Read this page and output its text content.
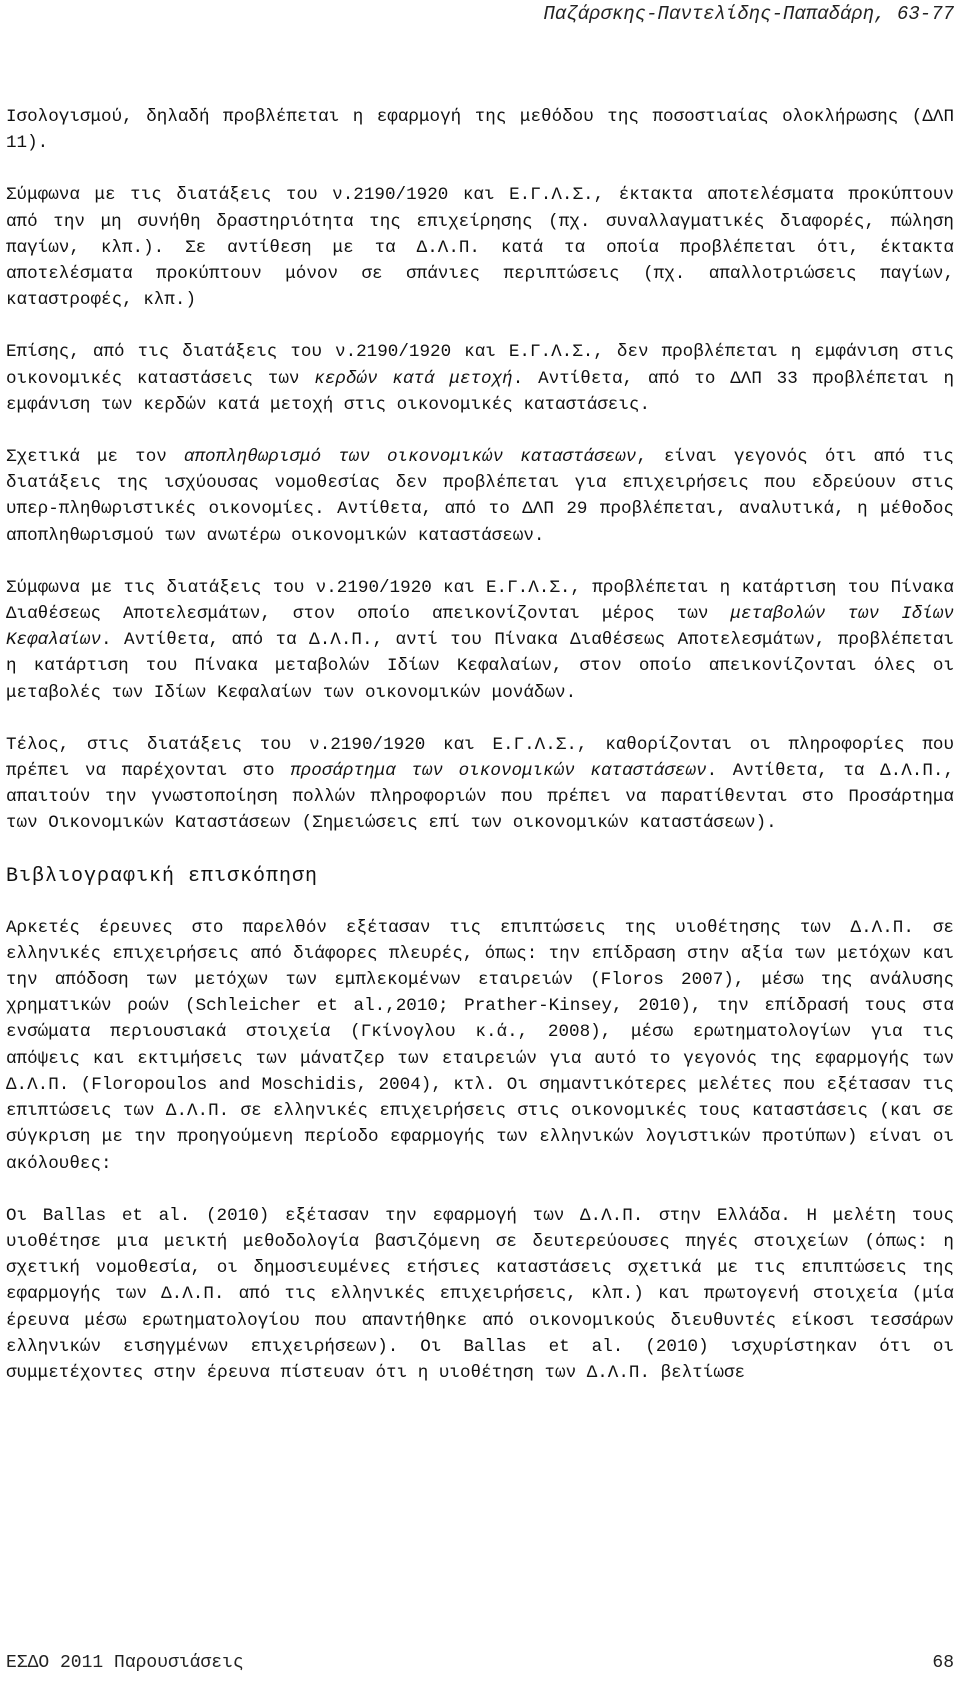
Παζάρσκης-Παντελίδης-Παπαδάρη, 63-77

Ισολογισμού, δηλαδή προβλέπεται η εφαρμογή της μεθόδου της ποσοστιαίας ολοκλήρωσης (ΔΛΠ 11).

Σύμφωνα με τις διατάξεις του ν.2190/1920 και Ε.Γ.Λ.Σ., έκτακτα αποτελέσματα προκύπτουν από την μη συνήθη δραστηριότητα της επιχείρησης (πχ. συναλλαγματικές διαφορές, πώληση παγίων, κλπ.). Σε αντίθεση με τα Δ.Λ.Π. κατά τα οποία προβλέπεται ότι, έκτακτα αποτελέσματα προκύπτουν μόνον σε σπάνιες περιπτώσεις (πχ. απαλλοτριώσεις παγίων, καταστροφές, κλπ.)

Επίσης, από τις διατάξεις του ν.2190/1920 και Ε.Γ.Λ.Σ., δεν προβλέπεται η εμφάνιση στις οικονομικές καταστάσεις των κερδών κατά μετοχή. Αντίθετα, από το ΔΛΠ 33 προβλέπεται η εμφάνιση των κερδών κατά μετοχή στις οικονομικές καταστάσεις.

Σχετικά με τον αποπληθωρισμό των οικονομικών καταστάσεων, είναι γεγονός ότι από τις διατάξεις της ισχύουσας νομοθεσίας δεν προβλέπεται για επιχειρήσεις που εδρεύουν στις υπερ-πληθωριστικές οικονομίες. Αντίθετα, από το ΔΛΠ 29 προβλέπεται, αναλυτικά, η μέθοδος αποπληθωρισμού των ανωτέρω οικονομικών καταστάσεων.

Σύμφωνα με τις διατάξεις του ν.2190/1920 και Ε.Γ.Λ.Σ., προβλέπεται η κατάρτιση του Πίνακα Διαθέσεως Αποτελεσμάτων, στον οποίο απεικονίζονται μέρος των μεταβολών των Ιδίων Κεφαλαίων. Αντίθετα, από τα Δ.Λ.Π., αντί του Πίνακα Διαθέσεως Αποτελεσμάτων, προβλέπεται η κατάρτιση του Πίνακα μεταβολών Ιδίων Κεφαλαίων, στον οποίο απεικονίζονται όλες οι μεταβολές των Ιδίων Κεφαλαίων των οικονομικών μονάδων.

Τέλος, στις διατάξεις του ν.2190/1920 και Ε.Γ.Λ.Σ., καθορίζονται οι πληροφορίες που πρέπει να παρέχονται στο προσάρτημα των οικονομικών καταστάσεων. Αντίθετα, τα Δ.Λ.Π., απαιτούν την γνωστοποίηση πολλών πληροφοριών που πρέπει να παρατίθενται στο Προσάρτημα των Οικονομικών Καταστάσεων (Σημειώσεις επί των οικονομικών καταστάσεων).

Βιβλιογραφική επισκόπηση

Αρκετές έρευνες στο παρελθόν εξέτασαν τις επιπτώσεις της υιοθέτησης των Δ.Λ.Π. σε ελληνικές επιχειρήσεις από διάφορες πλευρές, όπως: την επίδραση στην αξία των μετόχων και την απόδοση των μετόχων των εμπλεκομένων εταιρειών (Floros 2007), μέσω της ανάλυσης χρηματικών ροών (Schleicher et al.,2010; Prather-Kinsey, 2010), την επίδρασή τους στα ενσώματα περιουσιακά στοιχεία (Γκίνογλου κ.ά., 2008), μέσω ερωτηματολογίων για τις απόψεις και εκτιμήσεις των μάνατζερ των εταιρειών για αυτό το γεγονός της εφαρμογής των Δ.Λ.Π. (Floropoulos and Moschidis, 2004), κτλ. Οι σημαντικότερες μελέτες που εξέτασαν τις επιπτώσεις των Δ.Λ.Π. σε ελληνικές επιχειρήσεις στις οικονομικές τους καταστάσεις (και σε σύγκριση με την προηγούμενη περίοδο εφαρμογής των ελληνικών λογιστικών προτύπων) είναι οι ακόλουθες:

Οι Ballas et al. (2010) εξέτασαν την εφαρμογή των Δ.Λ.Π. στην Ελλάδα. Η μελέτη τους υιοθέτησε μια μεικτή μεθοδολογία βασιζόμενη σε δευτερεύουσες πηγές στοιχείων (όπως: η σχετική νομοθεσία, οι δημοσιευμένες ετήσιες καταστάσεις σχετικά με τις επιπτώσεις της εφαρμογής των Δ.Λ.Π. από τις ελληνικές επιχειρήσεις, κλπ.) και πρωτογενή στοιχεία (μία έρευνα μέσω ερωτηματολογίου που απαντήθηκε από οικονομικούς διευθυντές είκοσι τεσσάρων ελληνικών εισηγμένων επιχειρήσεων). Οι Ballas et al. (2010) ισχυρίστηκαν ότι οι συμμετέχοντες στην έρευνα πίστευαν ότι η υιοθέτηση των Δ.Λ.Π. βελτίωσε

ΕΣΔΟ 2011 Παρουσιάσεις	68
